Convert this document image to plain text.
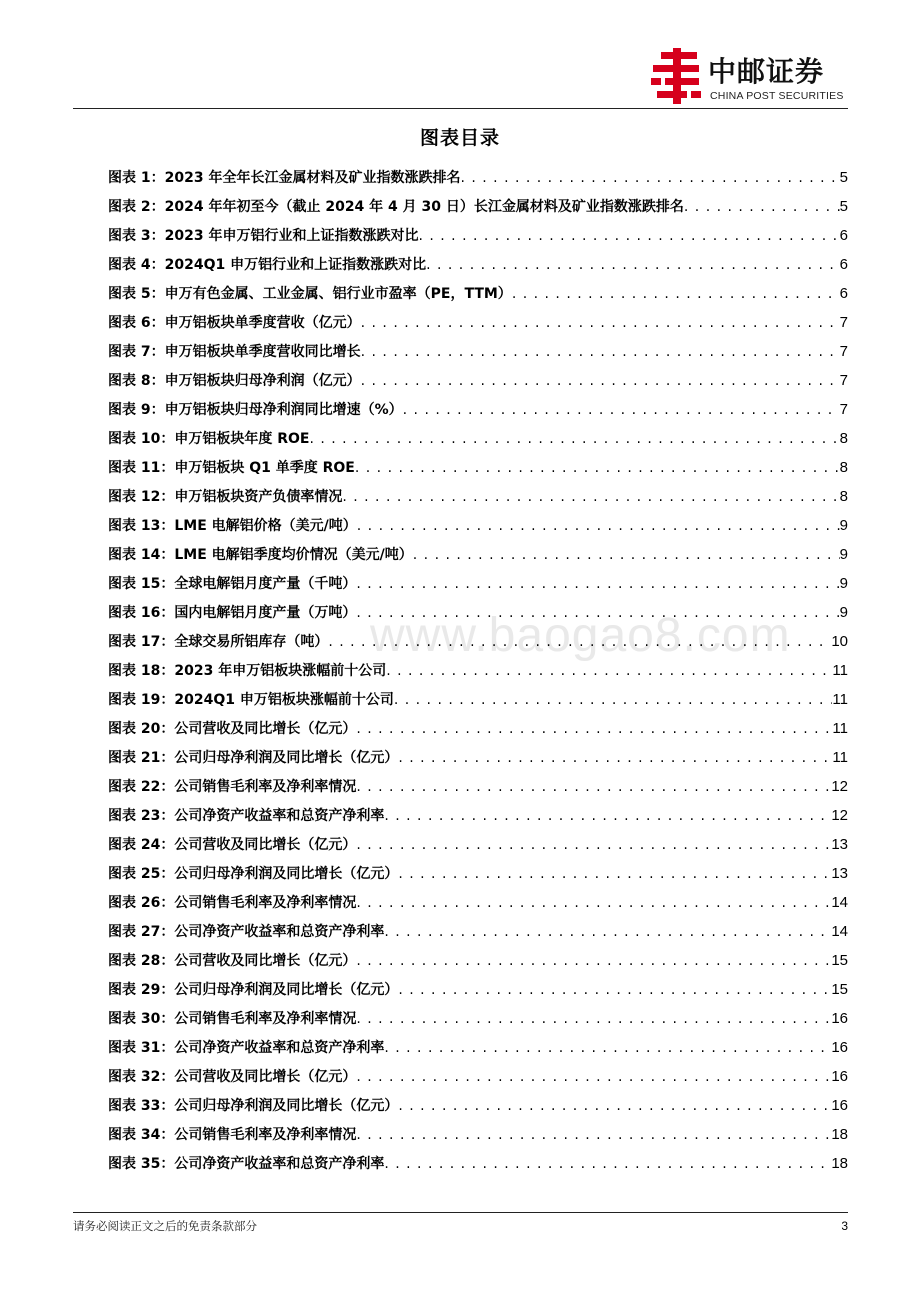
中邮证券
CHINA POST SECURITIES
图表目录
www.baogao8.com
图表 1： 2023 年全年长江金属材料及矿业指数涨跌排名 . . .	5
图表 2： 2024 年年初至今（截止 2024 年 4 月 30 日）长江金属材料及矿业指数涨跌排名 . . .	5
图表 3： 2023 年申万铝行业和上证指数涨跌对比 . . .	6
图表 4： 2024Q1 申万铝行业和上证指数涨跌对比 . . .	6
图表 5： 申万有色金属、工业金属、铝行业市盈率（PE，TTM） . . .	6
图表 6： 申万铝板块单季度营收（亿元） . . .	7
图表 7： 申万铝板块单季度营收同比增长 . . .	7
图表 8： 申万铝板块归母净利润（亿元） . . .	7
图表 9： 申万铝板块归母净利润同比增速（%） . . .	7
图表 10： 申万铝板块年度 ROE . . .	8
图表 11： 申万铝板块 Q1 单季度 ROE . . .	8
图表 12： 申万铝板块资产负债率情况 . . .	8
图表 13： LME 电解铝价格（美元/吨） . . .	9
图表 14： LME 电解铝季度均价情况（美元/吨） . . .	9
图表 15： 全球电解铝月度产量（千吨） . . .	9
图表 16： 国内电解铝月度产量（万吨） . . .	9
图表 17： 全球交易所铝库存（吨） . . .	10
图表 18： 2023 年申万铝板块涨幅前十公司 . . .	11
图表 19： 2024Q1 申万铝板块涨幅前十公司 . . .	11
图表 20： 公司营收及同比增长（亿元） . . .	11
图表 21： 公司归母净利润及同比增长（亿元） . . .	11
图表 22： 公司销售毛利率及净利率情况 . . .	12
图表 23： 公司净资产收益率和总资产净利率 . . .	12
图表 24： 公司营收及同比增长（亿元） . . .	13
图表 25： 公司归母净利润及同比增长（亿元） . . .	13
图表 26： 公司销售毛利率及净利率情况 . . .	14
图表 27： 公司净资产收益率和总资产净利率 . . .	14
图表 28： 公司营收及同比增长（亿元） . . .	15
图表 29： 公司归母净利润及同比增长（亿元） . . .	15
图表 30： 公司销售毛利率及净利率情况 . . .	16
图表 31： 公司净资产收益率和总资产净利率 . . .	16
图表 32： 公司营收及同比增长（亿元） . . .	16
图表 33： 公司归母净利润及同比增长（亿元） . . .	16
图表 34： 公司销售毛利率及净利率情况 . . .	18
图表 35： 公司净资产收益率和总资产净利率 . . .	18
请务必阅读正文之后的免责条款部分	3
